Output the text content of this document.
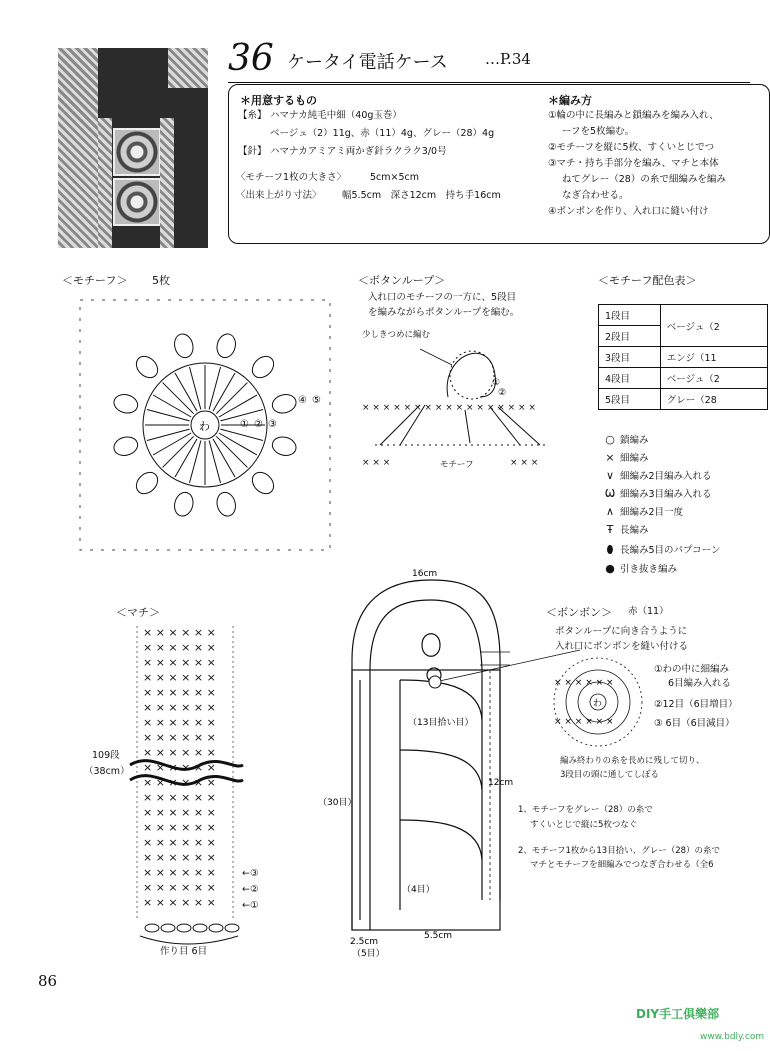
36 ケータイ電話ケース …P.34
＊用意するもの
【糸】 ハマナカ純毛中細（40g玉巻）
ベージュ（2）11g、赤（11）4g、グレー（28）4g
【針】 ハマナカアミアミ両かぎ針ラクラク3/0号
〈モチーフ1枚の大きさ〉	5cm×5cm
〈出来上がり寸法〉 幅5.5cm　深さ12cm　持ち手16cm
＊編み方
①輪の中に長編みと鎖編みを編み入れ、
ーフを5枚編む。
②モチーフを縦に5枚、すくいとじでつ
③マチ・持ち手部分を編み、マチと本体
ねてグレー（28）の糸で細編みを編み
なぎ合わせる。
④ボンボンを作り、入れ口に縫い付け
＜モチーフ＞ 5枚
わ	① ② ③
④ ⑤
＜ボタンループ＞
入れ口のモチーフの一方に、5段目
を編みながらボタンループを編む。
少しきつめに編む
× × × × × × × × × × × × × × × × ×
× × ×	× × ×
①
②
モチーフ
＜モチーフ配色表＞
1段目	ベージュ（2
2段目	
3段目	エンジ（11
4段目	ベージュ（2
5段目	グレー（28
○ 鎖編み
× 細編み
∨ 細編み2目編み入れる
Ѡ 細編み3目編み入れる
∧ 細編み2目一度
Ŧ 長編み
⬮ 長編み5目のパプコーン
● 引き抜き編み
＜マチ＞
× × × × × ×
× × × × × ×
× × × × × ×
× × × × × ×
× × × × × ×
× × × × × ×
× × × × × ×
× × × × × ×
× × × × × ×
× × × × × ×
× × × × × ×
× × × × × ×
× × × × × ×
× × × × × ×
× × × × × ×
× × × × × ×
× × × × × ×
× × × × × ×
× × × × × ×
109段
（38cm）
←③
←②
←①
作り目 6目
16cm
（13目拾い目）
12cm
（30目）
（4目）
2.5cm
（5目）
5.5cm
1、モチーフをグレー（28）の糸で
すくいとじで縦に5枚つなぐ
2、モチーフ1枚から13目拾い、グレー（28）の糸で
マチとモチーフを細編みでつなぎ合わせる（全6
＜ボンボン＞ 赤（11）
ボタンループに向き合うように
入れ口にボンボンを縫い付ける
わ
× × × × × ×
× × × × × ×
①わの中に細編み
6目編み入れる
②12目（6目増目）
③ 6目（6目減目）
編み終わりの糸を長めに残して切り、
3段目の頭に通してしぼる
86
DIY手工俱樂部
www.bdly.com
